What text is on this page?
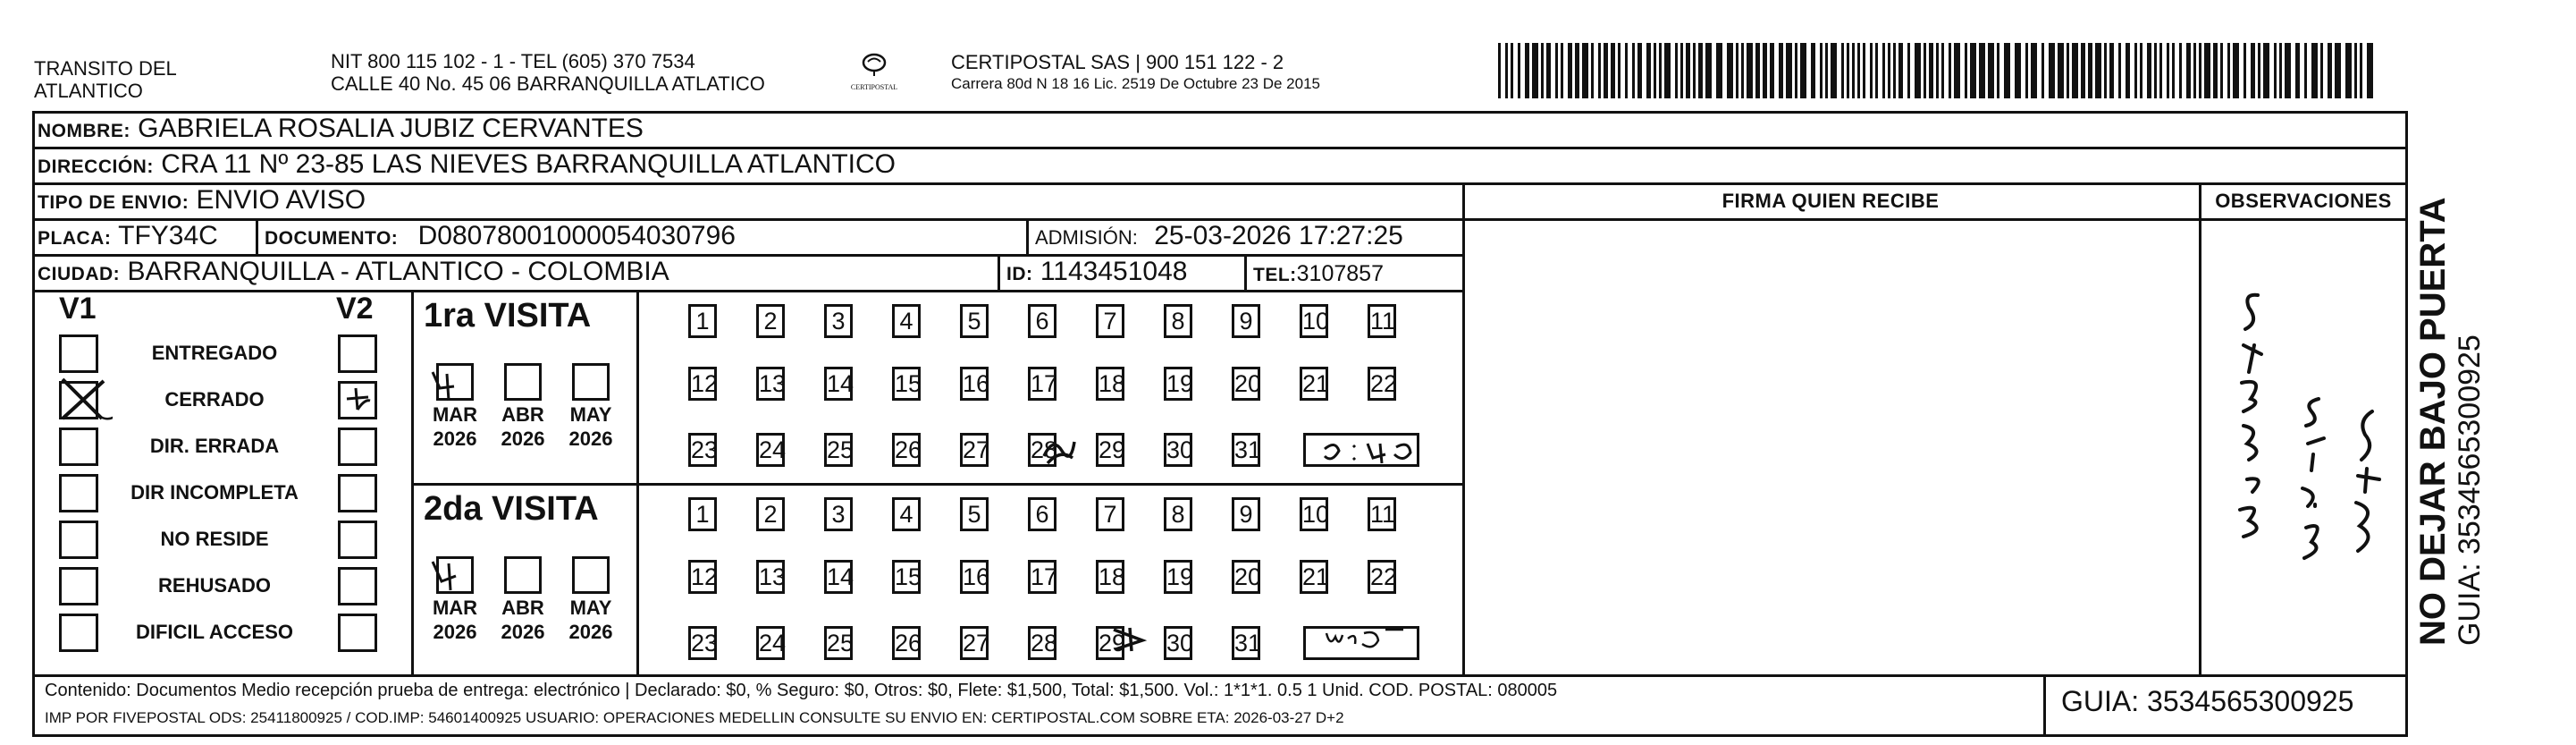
TRANSITO DEL
ATLANTICO
NIT 800 115 102 - 1 - TEL (605) 370 7534
CALLE 40 No. 45 06 BARRANQUILLA ATLATICO	CERTIPOSTAL
CERTIPOSTAL SAS | 900 151 122 - 2
Carrera 80d N 18 16 Lic. 2519 De Octubre 23 De 2015
NOMBRE: GABRIELA ROSALIA JUBIZ CERVANTES
DIRECCIÓN: CRA 11 Nº 23-85 LAS NIEVES BARRANQUILLA ATLANTICO
TIPO DE ENVIO: ENVIO AVISO
PLACA: TFY34C DOCUMENTO: D08078001000054030796	ADMISIÓN: 25-03-2026 17:27:25
CIUDAD: BARRANQUILLA - ATLANTICO - COLOMBIA	ID: 1143451048	TEL:3107857
FIRMA QUIEN RECIBE	OBSERVACIONES
V1	V2
ENTREGADO
CERRADO
DIR. ERRADA
DIR INCOMPLETA
NO RESIDE
REHUSADO
DIFICIL ACCESO
1ra VISITA
2da VISITA
1	2	3	4	5	6	7	8	9	10 11
12 13 14 15 16 17 18 19 20 21 22
23 24 25 26 27 28 29 30 31
MAR
2026
ABR
2026
MAY
2026
1	2	3	4	5	6	7	8	9	10 11
12 13 14 15 16 17 18 19 20 21 22
23 24 25 26 27 28 29 30 31
MAR
2026
ABR
2026
MAY
2026
Contenido: Documentos Medio recepción prueba de entrega: electrónico | Declarado: $0, % Seguro: $0, Otros: $0, Flete: $1,500, Total: $1,500. Vol.: 1*1*1. 0.5 1 Unid. COD. POSTAL: 080005
IMP POR FIVEPOSTAL ODS: 25411800925 / COD.IMP: 54601400925 USUARIO: OPERACIONES MEDELLIN CONSULTE SU ENVIO EN: CERTIPOSTAL.COM SOBRE ETA: 2026-03-27 D+2
GUIA: 3534565300925
NO DEJAR BAJO PUERTA GUIA: 3534565300925
